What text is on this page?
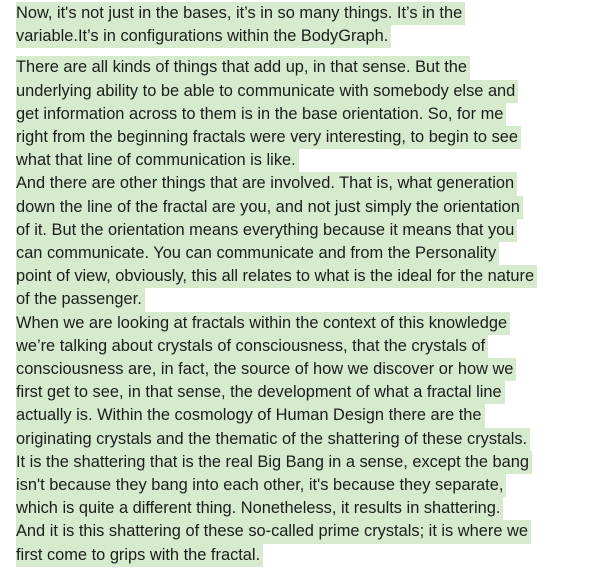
Now, it's not just in the bases, it’s in so many things. It’s in the
variable.It’s in configurations within the BodyGraph.
There are all kinds of things that add up, in that sense. But the
underlying ability to be able to communicate with somebody else and
get information across to them is in the base orientation. So, for me
right from the beginning fractals were very interesting, to begin to see
what that line of communication is like.
And there are other things that are involved. That is, what generation
down the line of the fractal are you, and not just simply the orientation
of it. But the orientation means everything because it means that you
can communicate. You can communicate and from the Personality
point of view, obviously, this all relates to what is the ideal for the nature
of the passenger.
When we are looking at fractals within the context of this knowledge
we’re talking about crystals of consciousness, that the crystals of
consciousness are, in fact, the source of how we discover or how we
first get to see, in that sense, the development of what a fractal line
actually is. Within the cosmology of Human Design there are the
originating crystals and the thematic of the shattering of these crystals.
It is the shattering that is the real Big Bang in a sense, except the bang
isn't because they bang into each other, it's because they separate,
which is quite a different thing. Nonetheless, it results in shattering.
And it is this shattering of these so-called prime crystals; it is where we
first come to grips with the fractal.
